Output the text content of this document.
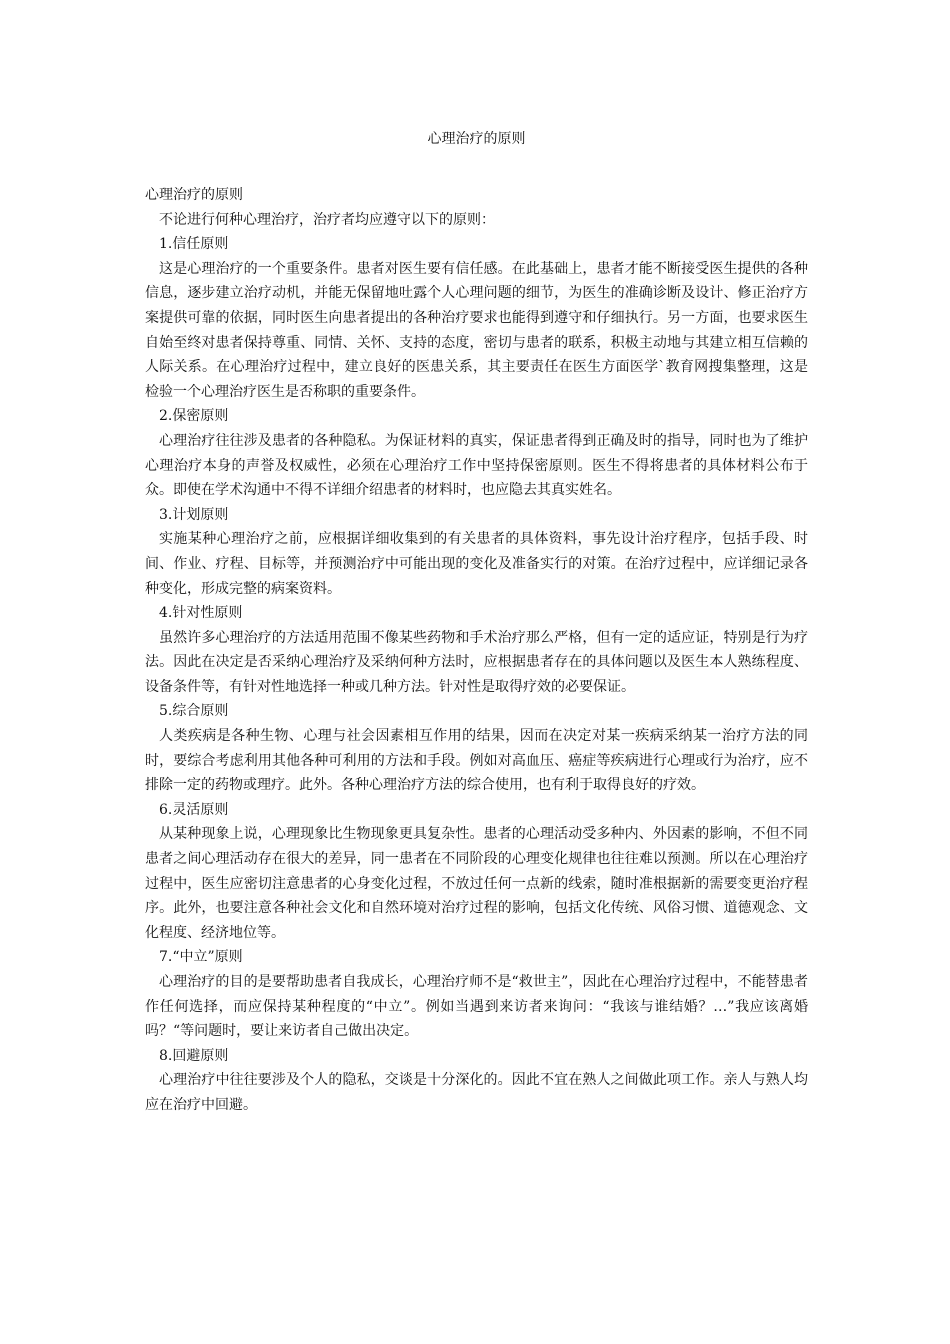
心理治疗的原则

心理治疗的原则

不论进行何种心理治疗，治疗者均应遵守以下的原则：

1.信任原则

这是心理治疗的一个重要条件。患者对医生要有信任感。在此基础上，患者才能不断接受医生提供的各种信息，逐步建立治疗动机，并能无保留地吐露个人心理问题的细节，为医生的准确诊断及设计、修正治疗方案提供可靠的依据，同时医生向患者提出的各种治疗要求也能得到遵守和仔细执行。另一方面，也要求医生自始至终对患者保持尊重、同情、关怀、支持的态度，密切与患者的联系，积极主动地与其建立相互信赖的人际关系。在心理治疗过程中，建立良好的医患关系，其主要责任在医生方面医学`教育网搜集整理，这是检验一个心理治疗医生是否称职的重要条件。

2.保密原则

心理治疗往往涉及患者的各种隐私。为保证材料的真实，保证患者得到正确及时的指导，同时也为了维护心理治疗本身的声誉及权威性，必须在心理治疗工作中坚持保密原则。医生不得将患者的具体材料公布于众。即使在学术沟通中不得不详细介绍患者的材料时，也应隐去其真实姓名。

3.计划原则

实施某种心理治疗之前，应根据详细收集到的有关患者的具体资料，事先设计治疗程序，包括手段、时间、作业、疗程、目标等，并预测治疗中可能出现的变化及准备实行的对策。在治疗过程中，应详细记录各种变化，形成完整的病案资料。

4.针对性原则

虽然许多心理治疗的方法适用范围不像某些药物和手术治疗那么严格，但有一定的适应证，特别是行为疗法。因此在决定是否采纳心理治疗及采纳何种方法时，应根据患者存在的具体问题以及医生本人熟练程度、设备条件等，有针对性地选择一种或几种方法。针对性是取得疗效的必要保证。

5.综合原则

人类疾病是各种生物、心理与社会因素相互作用的结果，因而在决定对某一疾病采纳某一治疗方法的同时，要综合考虑利用其他各种可利用的方法和手段。例如对高血压、癌症等疾病进行心理或行为治疗，应不排除一定的药物或理疗。此外。各种心理治疗方法的综合使用，也有利于取得良好的疗效。

6.灵活原则

从某种现象上说，心理现象比生物现象更具复杂性。患者的心理活动受多种内、外因素的影响，不但不同患者之间心理活动存在很大的差异，同一患者在不同阶段的心理变化规律也往往难以预测。所以在心理治疗过程中，医生应密切注意患者的心身变化过程，不放过任何一点新的线索，随时准根据新的需要变更治疗程序。此外，也要注意各种社会文化和自然环境对治疗过程的影响，包括文化传统、风俗习惯、道德观念、文化程度、经济地位等。

7.“中立”原则

心理治疗的目的是要帮助患者自我成长，心理治疗师不是“救世主”，因此在心理治疗过程中，不能替患者作任何选择，而应保持某种程度的“中立”。例如当遇到来访者来询问：“我该与谁结婚？…”我应该离婚吗？“等问题时，要让来访者自己做出决定。

8.回避原则

心理治疗中往往要涉及个人的隐私，交谈是十分深化的。因此不宜在熟人之间做此项工作。亲人与熟人均应在治疗中回避。
